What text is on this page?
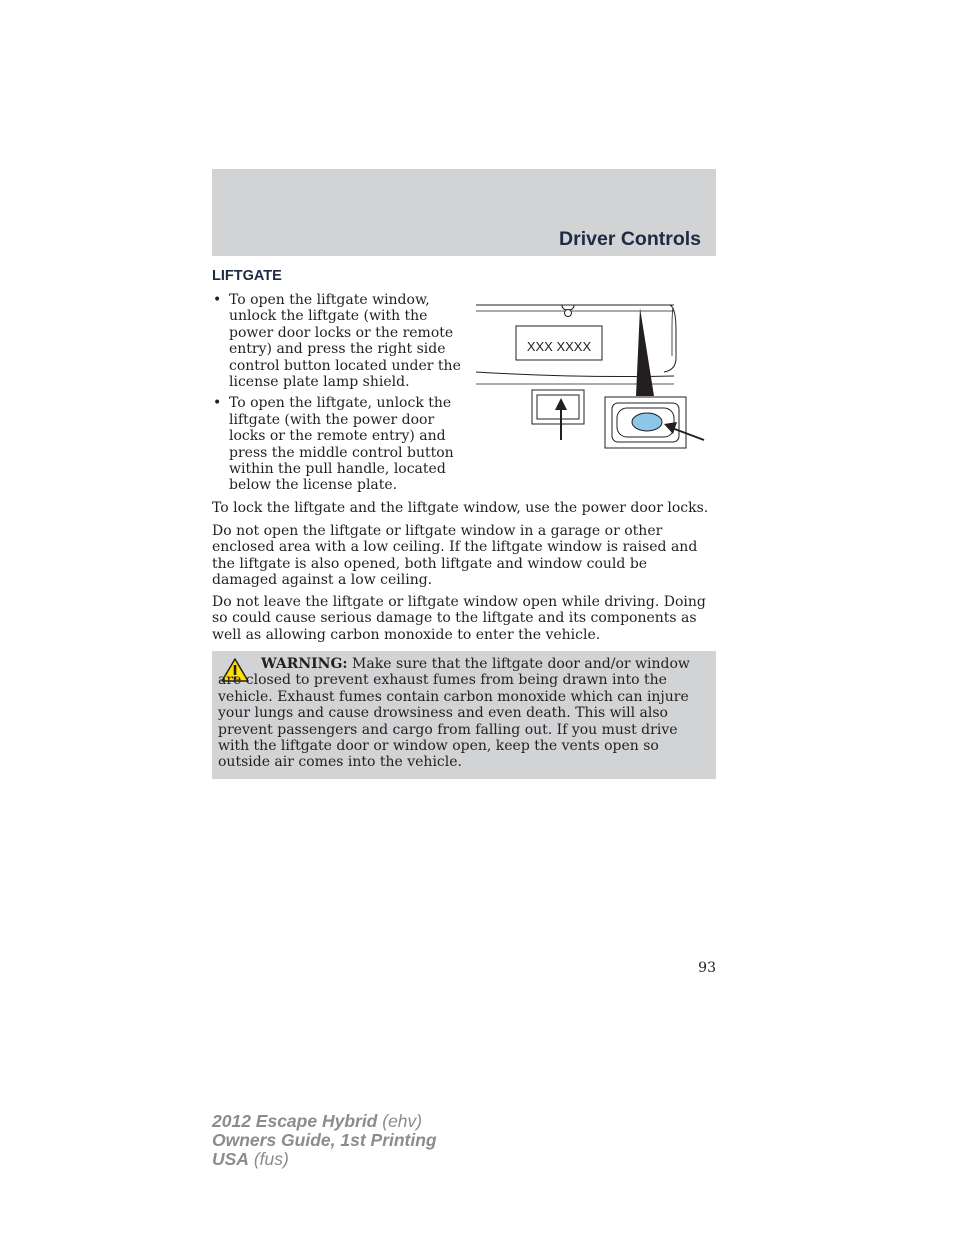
Driver Controls
LIFTGATE
• To open the liftgate window, unlock the liftgate (with the power door locks or the remote entry) and press the right side control button located under the license plate lamp shield.
• To open the liftgate, unlock the liftgate (with the power door locks or the remote entry) and press the middle control button within the pull handle, located below the license plate.
XXX XXXX

To lock the liftgate and the liftgate window, use the power door locks.

Do not open the liftgate or liftgate window in a garage or other enclosed area with a low ceiling. If the liftgate window is raised and the liftgate is also opened, both liftgate and window could be damaged against a low ceiling.

Do not leave the liftgate or liftgate window open while driving. Doing so could cause serious damage to the liftgate and its components as well as allowing carbon monoxide to enter the vehicle.

WARNING: Make sure that the liftgate door and/or window are closed to prevent exhaust fumes from being drawn into the vehicle. Exhaust fumes contain carbon monoxide which can injure your lungs and cause drowsiness and even death. This will also prevent passengers and cargo from falling out. If you must drive with the liftgate door or window open, keep the vents open so outside air comes into the vehicle.

93
2012 Escape Hybrid (ehv)
Owners Guide, 1st Printing
USA (fus)
